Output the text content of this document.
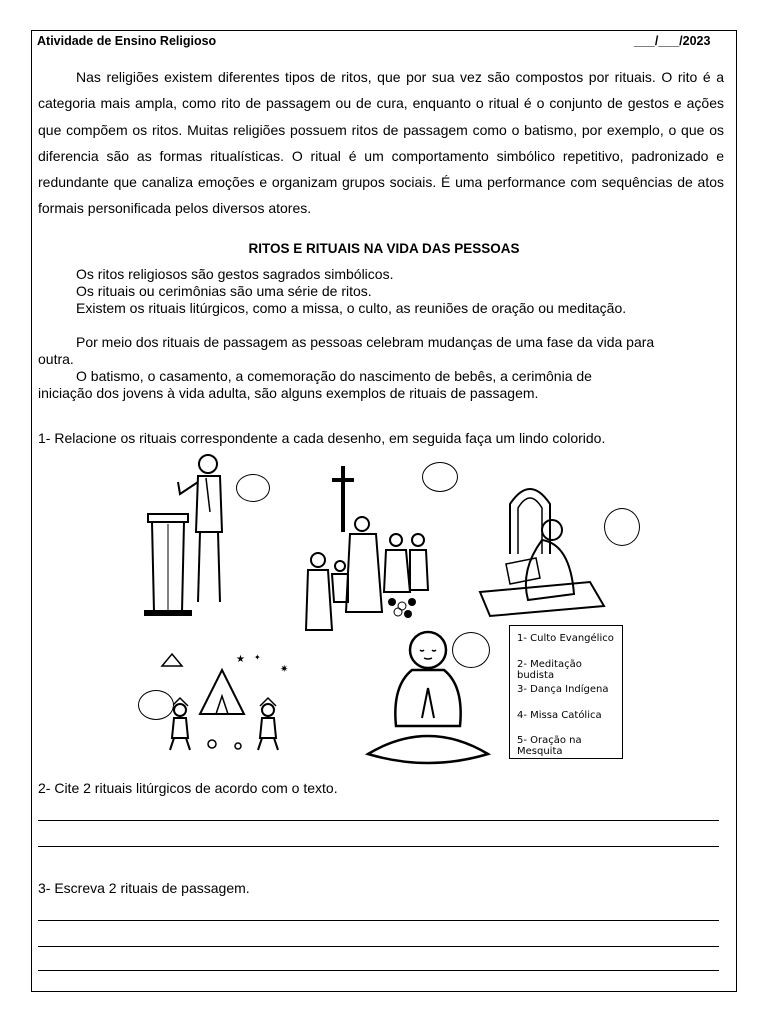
Atividade de Ensino Religioso	___/___/2023

Nas religiões existem diferentes tipos de ritos, que por sua vez são compostos por rituais. O rito é a categoria mais ampla, como rito de passagem ou de cura, enquanto o ritual é o conjunto de gestos e ações que compõem os ritos. Muitas religiões possuem ritos de passagem como o batismo, por exemplo, o que os diferencia são as formas ritualísticas. O ritual é um comportamento simbólico repetitivo, padronizado e redundante que canaliza emoções e organizam grupos sociais. É uma performance com sequências de atos formais personificada pelos diversos atores.

RITOS E RITUAIS NA VIDA DAS PESSOAS

Os ritos religiosos são gestos sagrados simbólicos.

Os rituais ou cerimônias são uma série de ritos.

Existem os rituais litúrgicos, como a missa, o culto, as reuniões de oração ou meditação.

Por meio dos rituais de passagem as pessoas celebram mudanças de uma fase da vida para outra.

O batismo, o casamento, a comemoração do nascimento de bebês, a cerimônia de iniciação dos jovens à vida adulta, são alguns exemplos de rituais de passagem.

1- Relacione os rituais correspondente a cada desenho, em seguida faça um lindo colorido.
★ ✦
✷
1- Culto Evangélico
2- Meditação budista
3- Dança Indígena
4- Missa Católica
5- Oração na Mesquita
2- Cite 2 rituais litúrgicos de acordo com o texto.
3- Escreva 2 rituais de passagem.
